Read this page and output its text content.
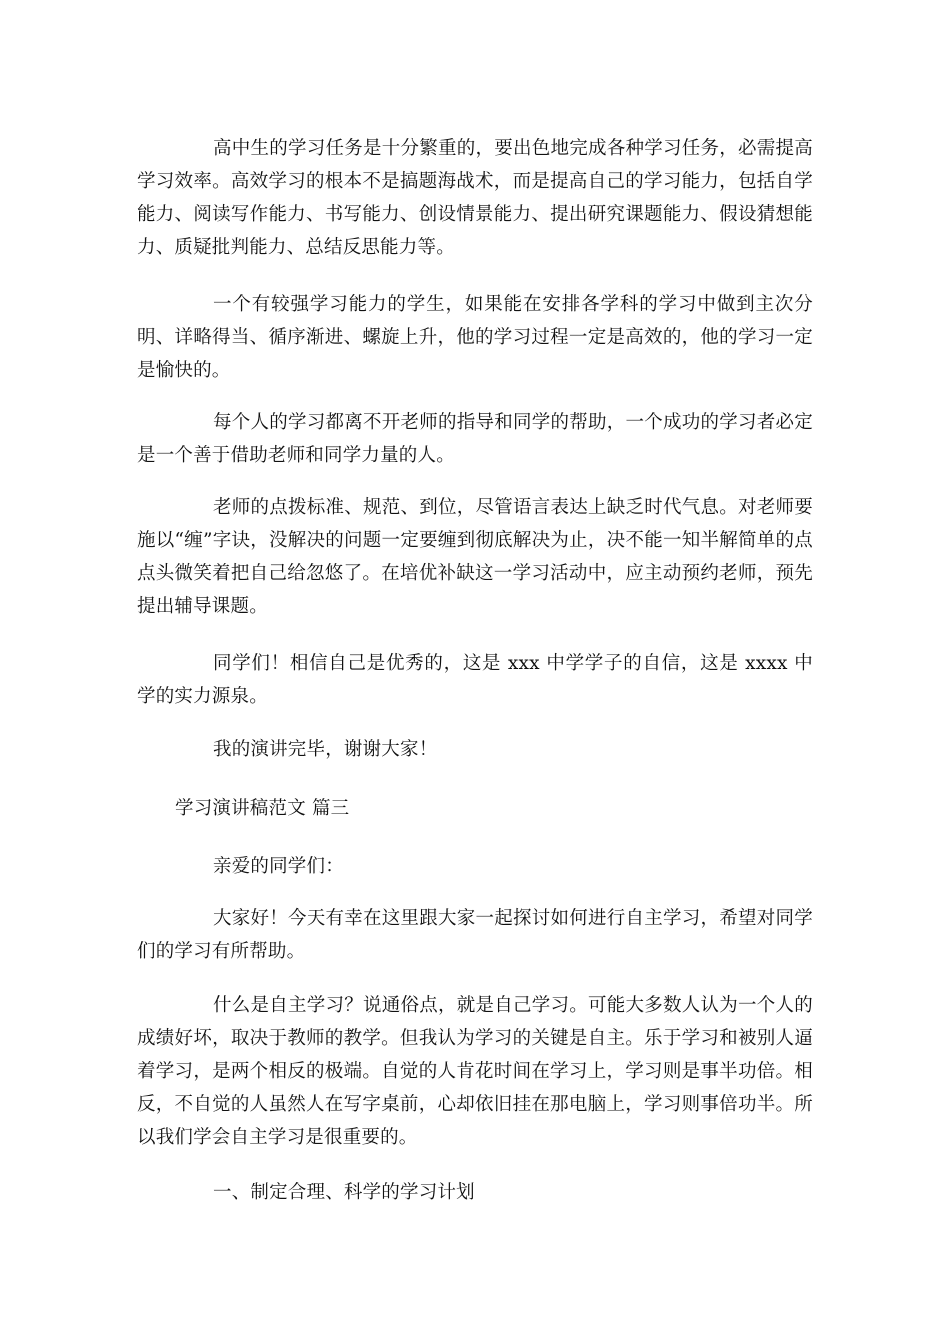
高中生的学习任务是十分繁重的，要出色地完成各种学习任务，必需提高学习效率。高效学习的根本不是搞题海战术，而是提高自己的学习能力，包括自学能力、阅读写作能力、书写能力、创设情景能力、提出研究课题能力、假设猜想能力、质疑批判能力、总结反思能力等。

一个有较强学习能力的学生，如果能在安排各学科的学习中做到主次分明、详略得当、循序渐进、螺旋上升，他的学习过程一定是高效的，他的学习一定是愉快的。

每个人的学习都离不开老师的指导和同学的帮助，一个成功的学习者必定是一个善于借助老师和同学力量的人。

老师的点拨标准、规范、到位，尽管语言表达上缺乏时代气息。对老师要施以“缠”字诀，没解决的问题一定要缠到彻底解决为止，决不能一知半解简单的点点头微笑着把自己给忽悠了。在培优补缺这一学习活动中，应主动预约老师，预先提出辅导课题。

同学们！相信自己是优秀的，这是 xxx 中学学子的自信，这是 xxxx 中学的实力源泉。

我的演讲完毕，谢谢大家！

学习演讲稿范文 篇三

亲爱的同学们：

大家好！今天有幸在这里跟大家一起探讨如何进行自主学习，希望对同学们的学习有所帮助。

什么是自主学习？说通俗点，就是自己学习。可能大多数人认为一个人的成绩好坏，取决于教师的教学。但我认为学习的关键是自主。乐于学习和被别人逼着学习，是两个相反的极端。自觉的人肯花时间在学习上，学习则是事半功倍。相反，不自觉的人虽然人在写字桌前，心却依旧挂在那电脑上，学习则事倍功半。所以我们学会自主学习是很重要的。

一、制定合理、科学的学习计划
